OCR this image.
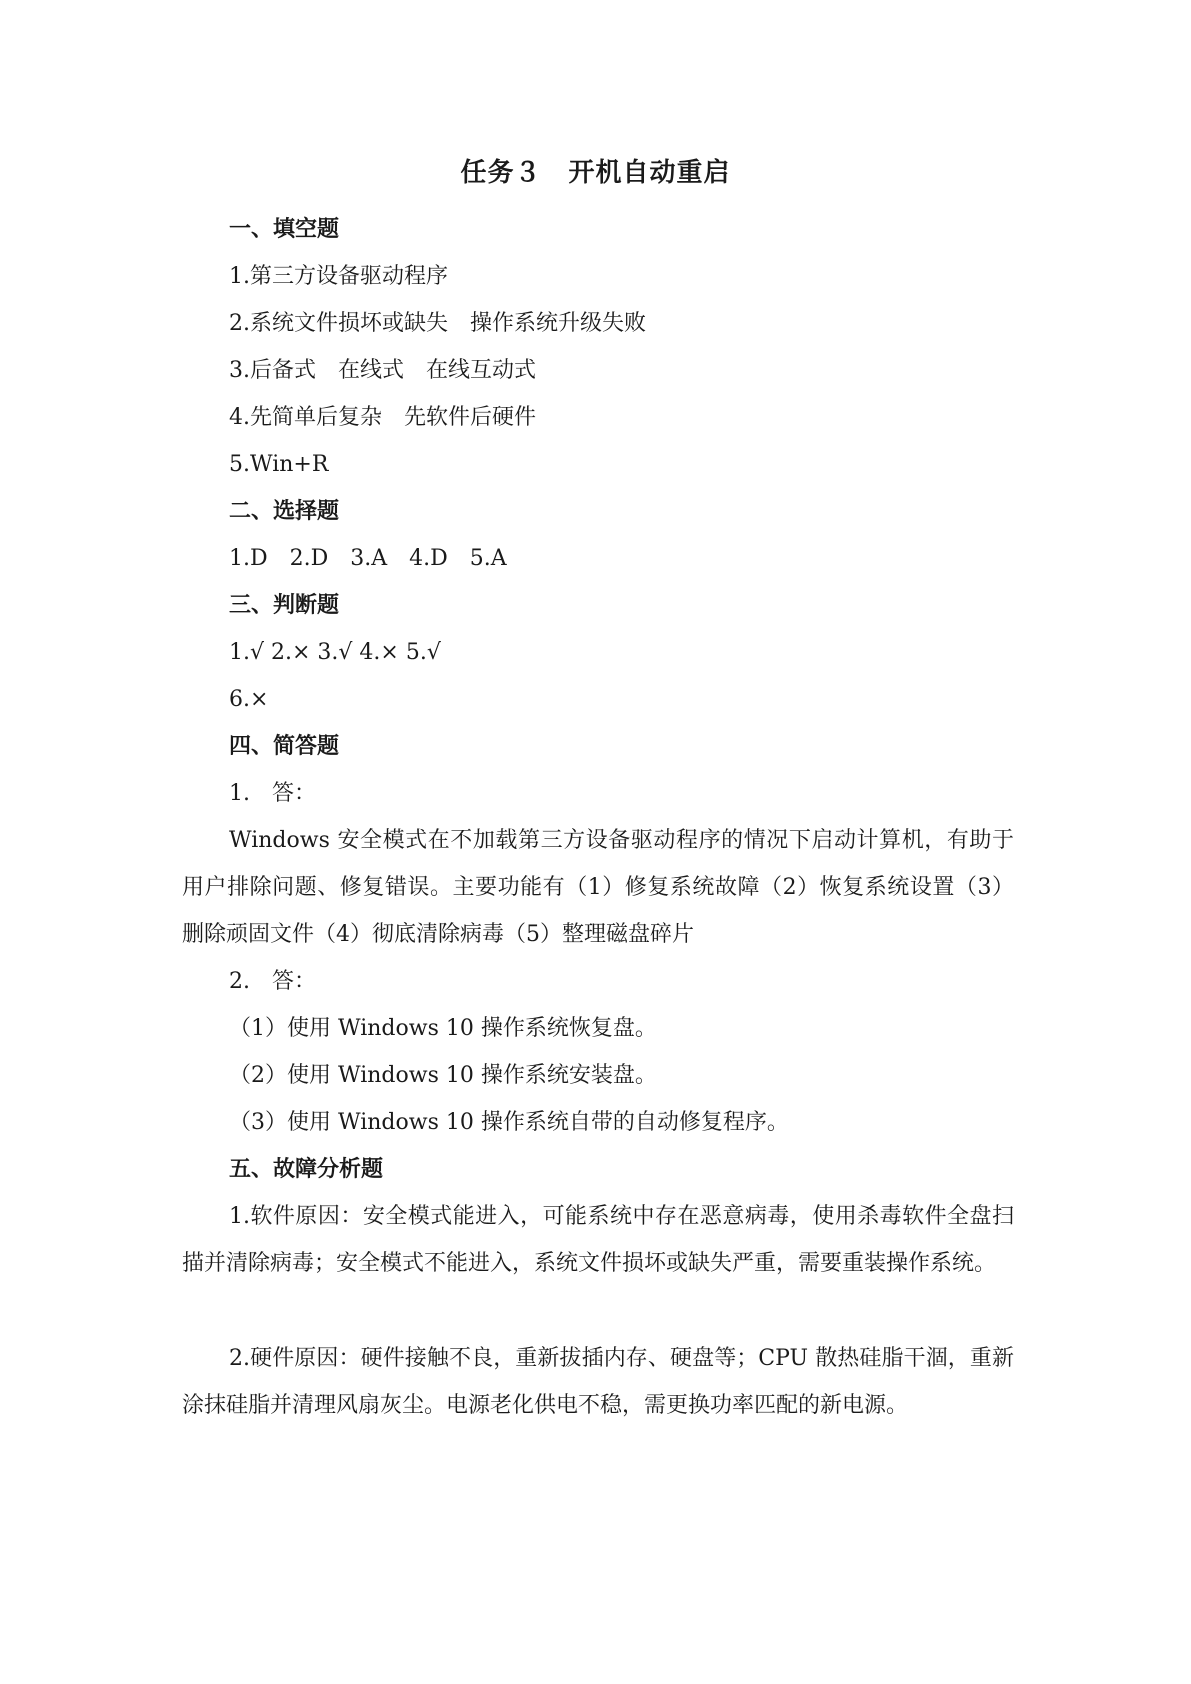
任务３　开机自动重启
一、填空题
1.第三方设备驱动程序
2.系统文件损坏或缺失　操作系统升级失败
3.后备式　在线式　在线互动式
4.先简单后复杂　先软件后硬件
5.Win+R
二、选择题
1.D　2.D　3.A　4.D　5.A
三、判断题
1.√ 2.× 3.√ 4.× 5.√
6.×
四、简答题
1.　答：
Windows 安全模式在不加载第三方设备驱动程序的情况下启动计算机，有助于用户排除问题、修复错误。主要功能有（1）修复系统故障（2）恢复系统设置（3）删除顽固文件（4）彻底清除病毒（5）整理磁盘碎片
2.　答：
（1）使用 Windows 10 操作系统恢复盘。
（2）使用 Windows 10 操作系统安装盘。
（3）使用 Windows 10 操作系统自带的自动修复程序。
五、故障分析题
1.软件原因：安全模式能进入，可能系统中存在恶意病毒，使用杀毒软件全盘扫描并清除病毒；安全模式不能进入，系统文件损坏或缺失严重，需要重装操作系统。
2.硬件原因：硬件接触不良，重新拔插内存、硬盘等；CPU 散热硅脂干涸，重新涂抹硅脂并清理风扇灰尘。电源老化供电不稳，需更换功率匹配的新电源。
